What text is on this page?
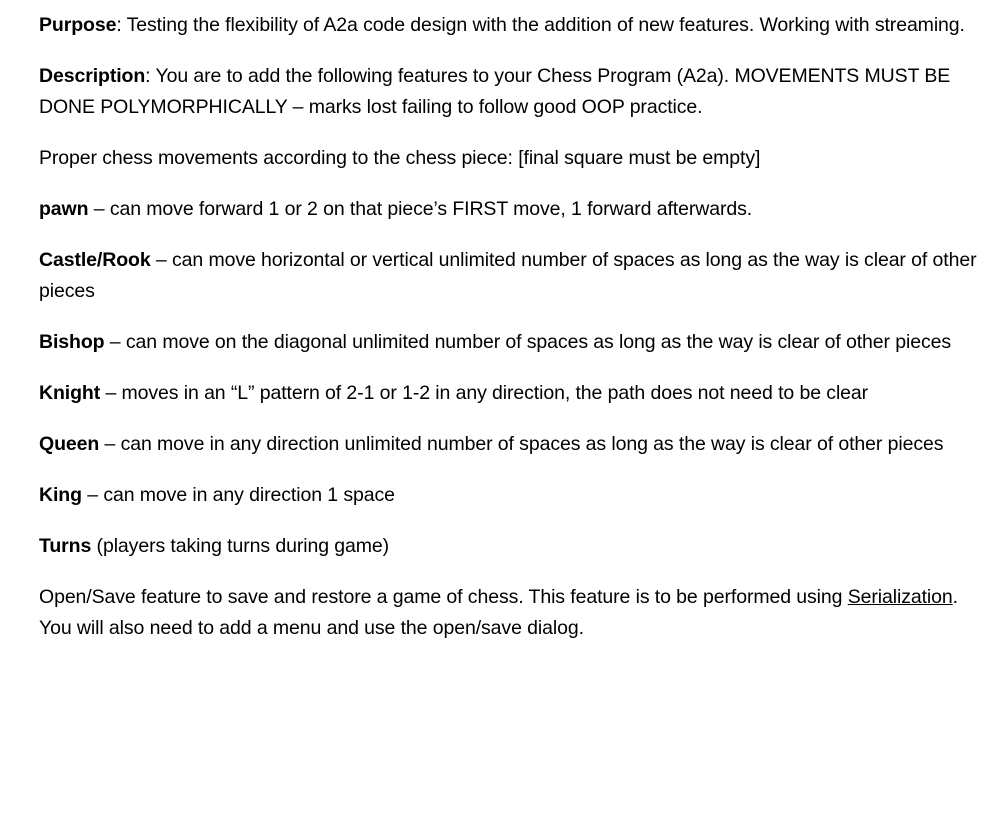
Purpose: Testing the flexibility of A2a code design with the addition of new features. Working with streaming.

Description: You are to add the following features to your Chess Program (A2a). MOVEMENTS MUST BE DONE POLYMORPHICALLY – marks lost failing to follow good OOP practice.

Proper chess movements according to the chess piece: [final square must be empty]

pawn – can move forward 1 or 2 on that piece’s FIRST move, 1 forward afterwards.

Castle/Rook – can move horizontal or vertical unlimited number of spaces as long as the way is clear of other pieces

Bishop – can move on the diagonal unlimited number of spaces as long as the way is clear of other pieces

Knight – moves in an “L” pattern of 2-1 or 1-2 in any direction, the path does not need to be clear

Queen – can move in any direction unlimited number of spaces as long as the way is clear of other pieces

King – can move in any direction 1 space

Turns (players taking turns during game)

Open/Save feature to save and restore a game of chess. This feature is to be performed using Serialization. You will also need to add a menu and use the open/save dialog.
